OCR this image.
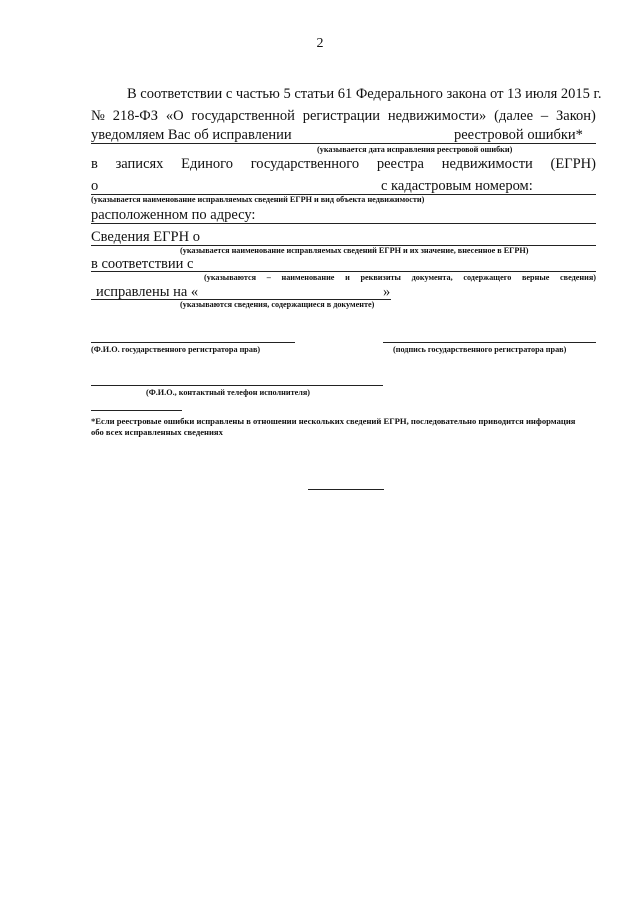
2
В соответствии с частью 5 статьи 61 Федерального закона от 13 июля 2015 г.
№ 218-ФЗ «О государственной регистрации недвижимости» (далее – Закон)
уведомляем Вас об исправлении	реестровой ошибки*
(указывается дата исправления реестровой ошибки)
в записях Единого государственного реестра недвижимости (ЕГРН)
о	с кадастровым номером:
(указывается наименование исправляемых сведений ЕГРН и вид объекта недвижимости)
расположенном по адресу:
Сведения ЕГРН о
(указывается наименование исправляемых сведений ЕГРН и их значение, внесенное в ЕГРН)
в соответствии с
(указываются – наименование и реквизиты документа, содержащего верные сведения)
исправлены на «	»
(указываются сведения, содержащиеся в документе)
(Ф.И.О. государственного регистратора прав)	(подпись государственного регистратора прав)
(Ф.И.О., контактный телефон исполнителя)
*Если реестровые ошибки исправлены в отношении нескольких сведений ЕГРН, последовательно приводится информация
обо всех исправленных сведениях
